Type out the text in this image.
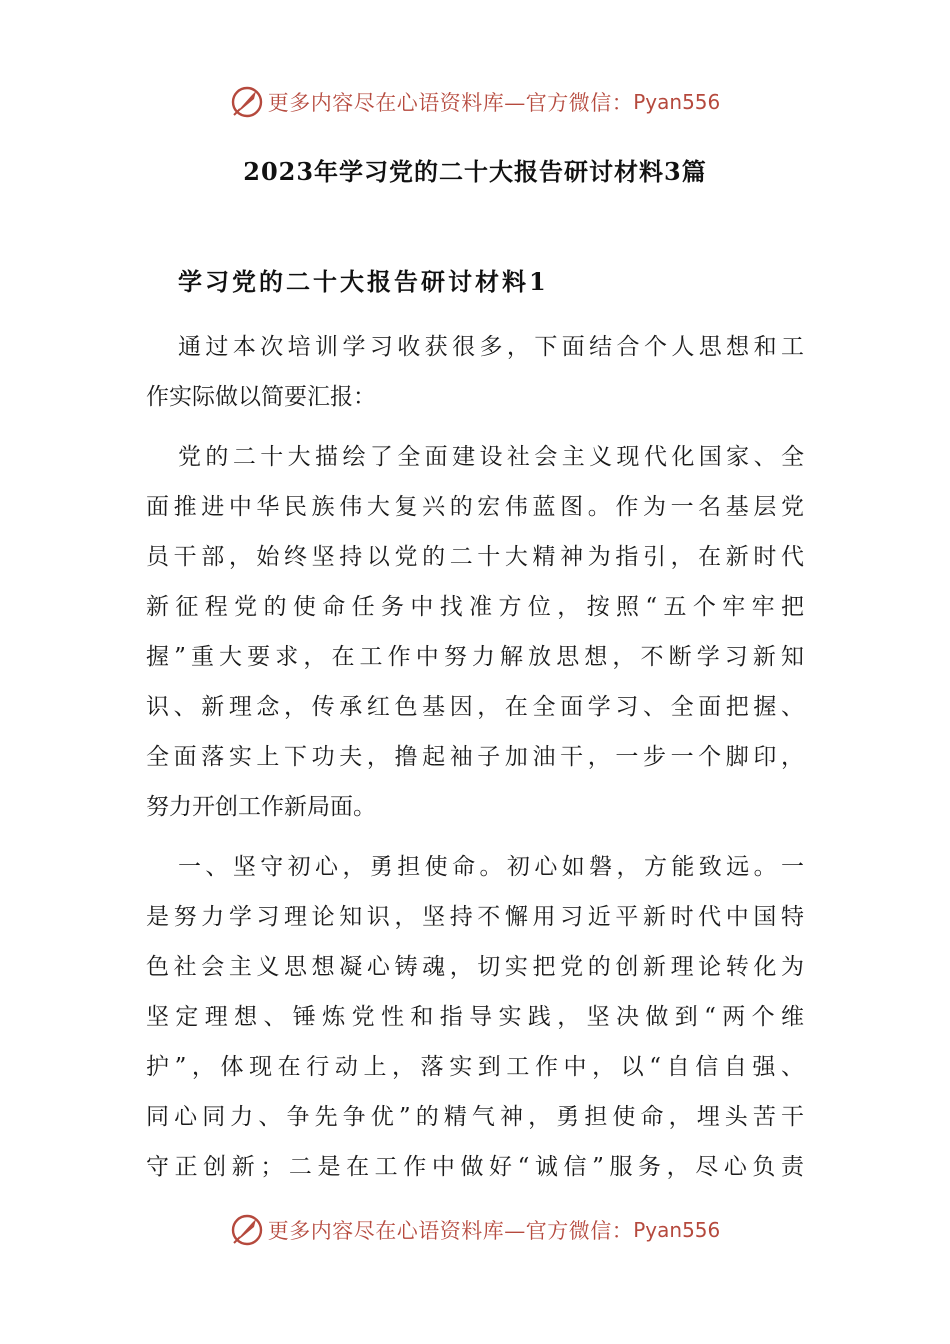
更多内容尽在心语资料库—官方微信： Pyan556
2023年学习党的二十大报告研讨材料3篇
学习党的二十大报告研讨材料1
通过本次培训学习收获很多，下面结合个人思想和工
作实际做以简要汇报：
党的二十大描绘了全面建设社会主义现代化国家、全
面推进中华民族伟大复兴的宏伟蓝图。作为一名基层党
员干部，始终坚持以党的二十大精神为指引，在新时代
新征程党的使命任务中找准方位，按照“五个牢牢把
握”重大要求，在工作中努力解放思想，不断学习新知
识、新理念，传承红色基因，在全面学习、全面把握、
全面落实上下功夫，撸起袖子加油干，一步一个脚印，
努力开创工作新局面。
一、坚守初心，勇担使命。初心如磐，方能致远。一
是努力学习理论知识，坚持不懈用习近平新时代中国特
色社会主义思想凝心铸魂，切实把党的创新理论转化为
坚定理想、锤炼党性和指导实践，坚决做到“两个维
护”，体现在行动上，落实到工作中，以“自信自强、
同心同力、争先争优”的精气神，勇担使命，埋头苦干
守正创新；二是在工作中做好“诚信”服务，尽心负责
更多内容尽在心语资料库—官方微信： Pyan556
